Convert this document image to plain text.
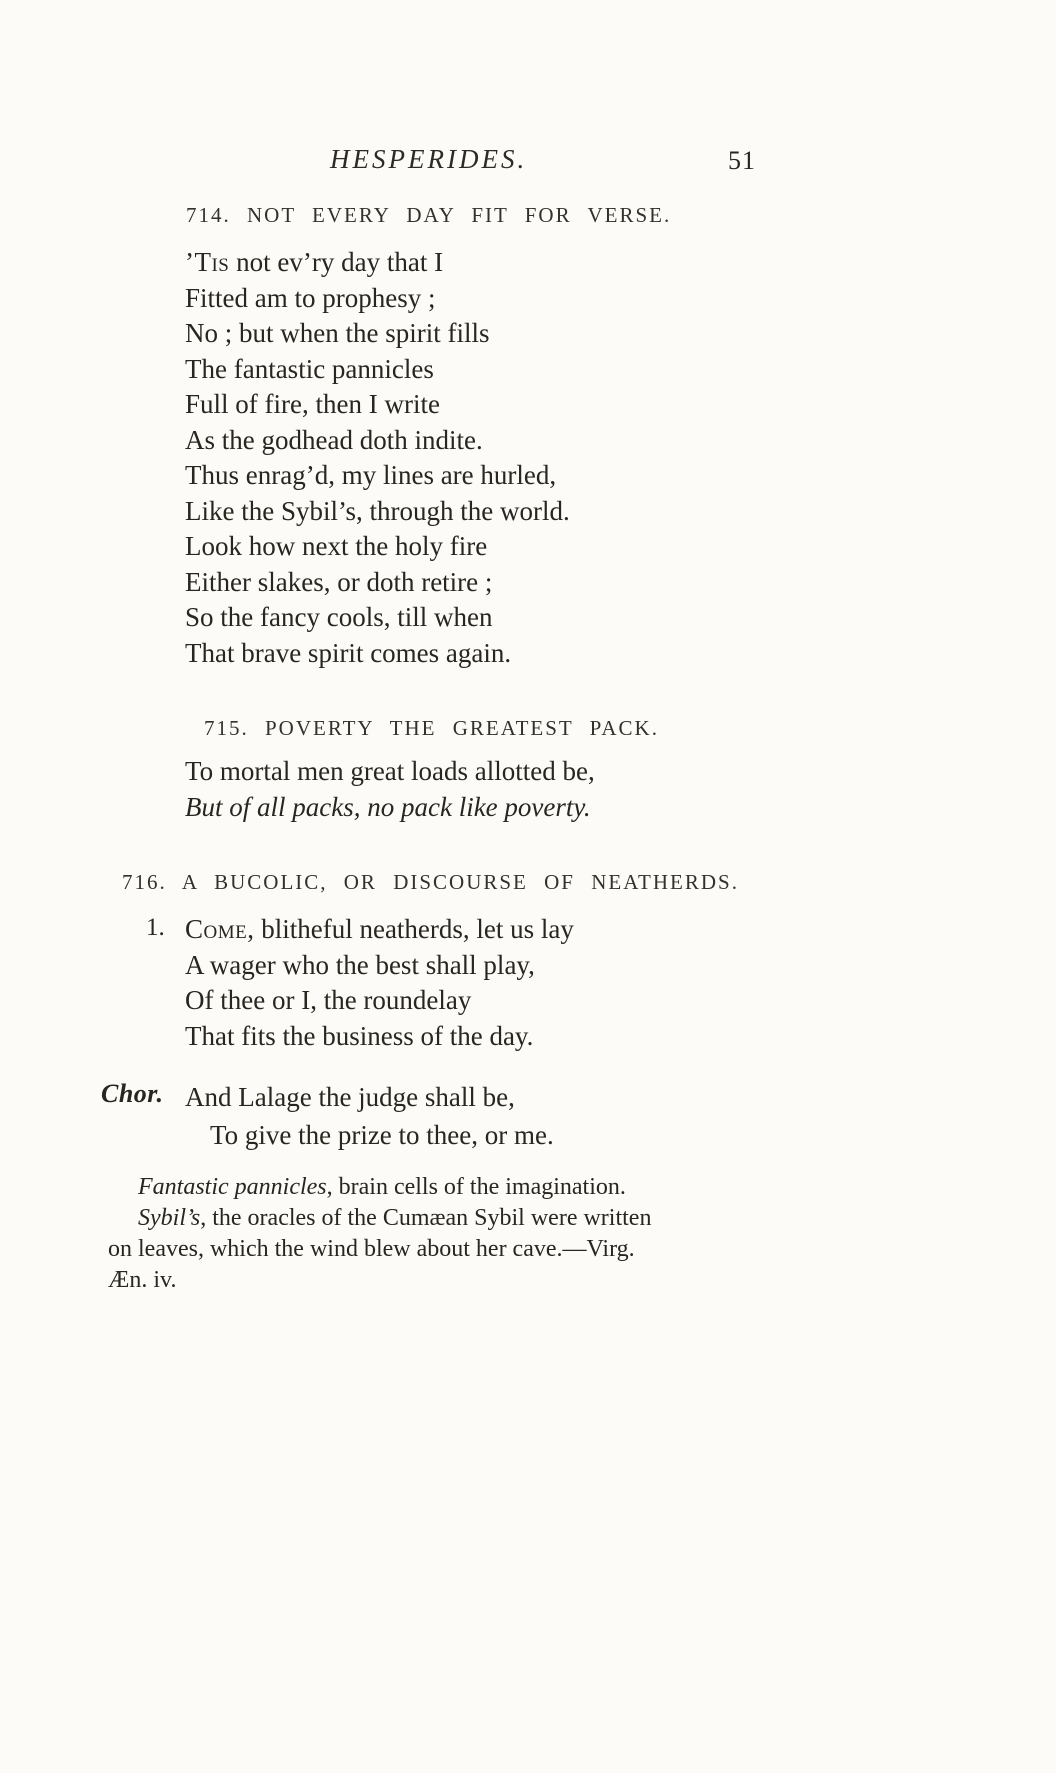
HESPERIDES.	51
714. NOT EVERY DAY FIT FOR VERSE.
’Tis not ev’ry day that I
Fitted am to prophesy ;
No ; but when the spirit fills
The fantastic pannicles
Full of fire, then I write
As the godhead doth indite.
Thus enrag’d, my lines are hurled,
Like the Sybil’s, through the world.
Look how next the holy fire
Either slakes, or doth retire ;
So the fancy cools, till when
That brave spirit comes again.
715. POVERTY THE GREATEST PACK.
To mortal men great loads allotted be,
But of all packs, no pack like poverty.
716. A BUCOLIC, OR DISCOURSE OF NEATHERDS.
1. Come, blitheful neatherds, let us lay
A wager who the best shall play,
Of thee or I, the roundelay
That fits the business of the day.
Chor. And Lalage the judge shall be,
To give the prize to thee, or me.
Fantastic pannicles, brain cells of the imagination.
Sybil’s, the oracles of the Cumæan Sybil were written
on leaves, which the wind blew about her cave.—Virg.
Æn. iv.
